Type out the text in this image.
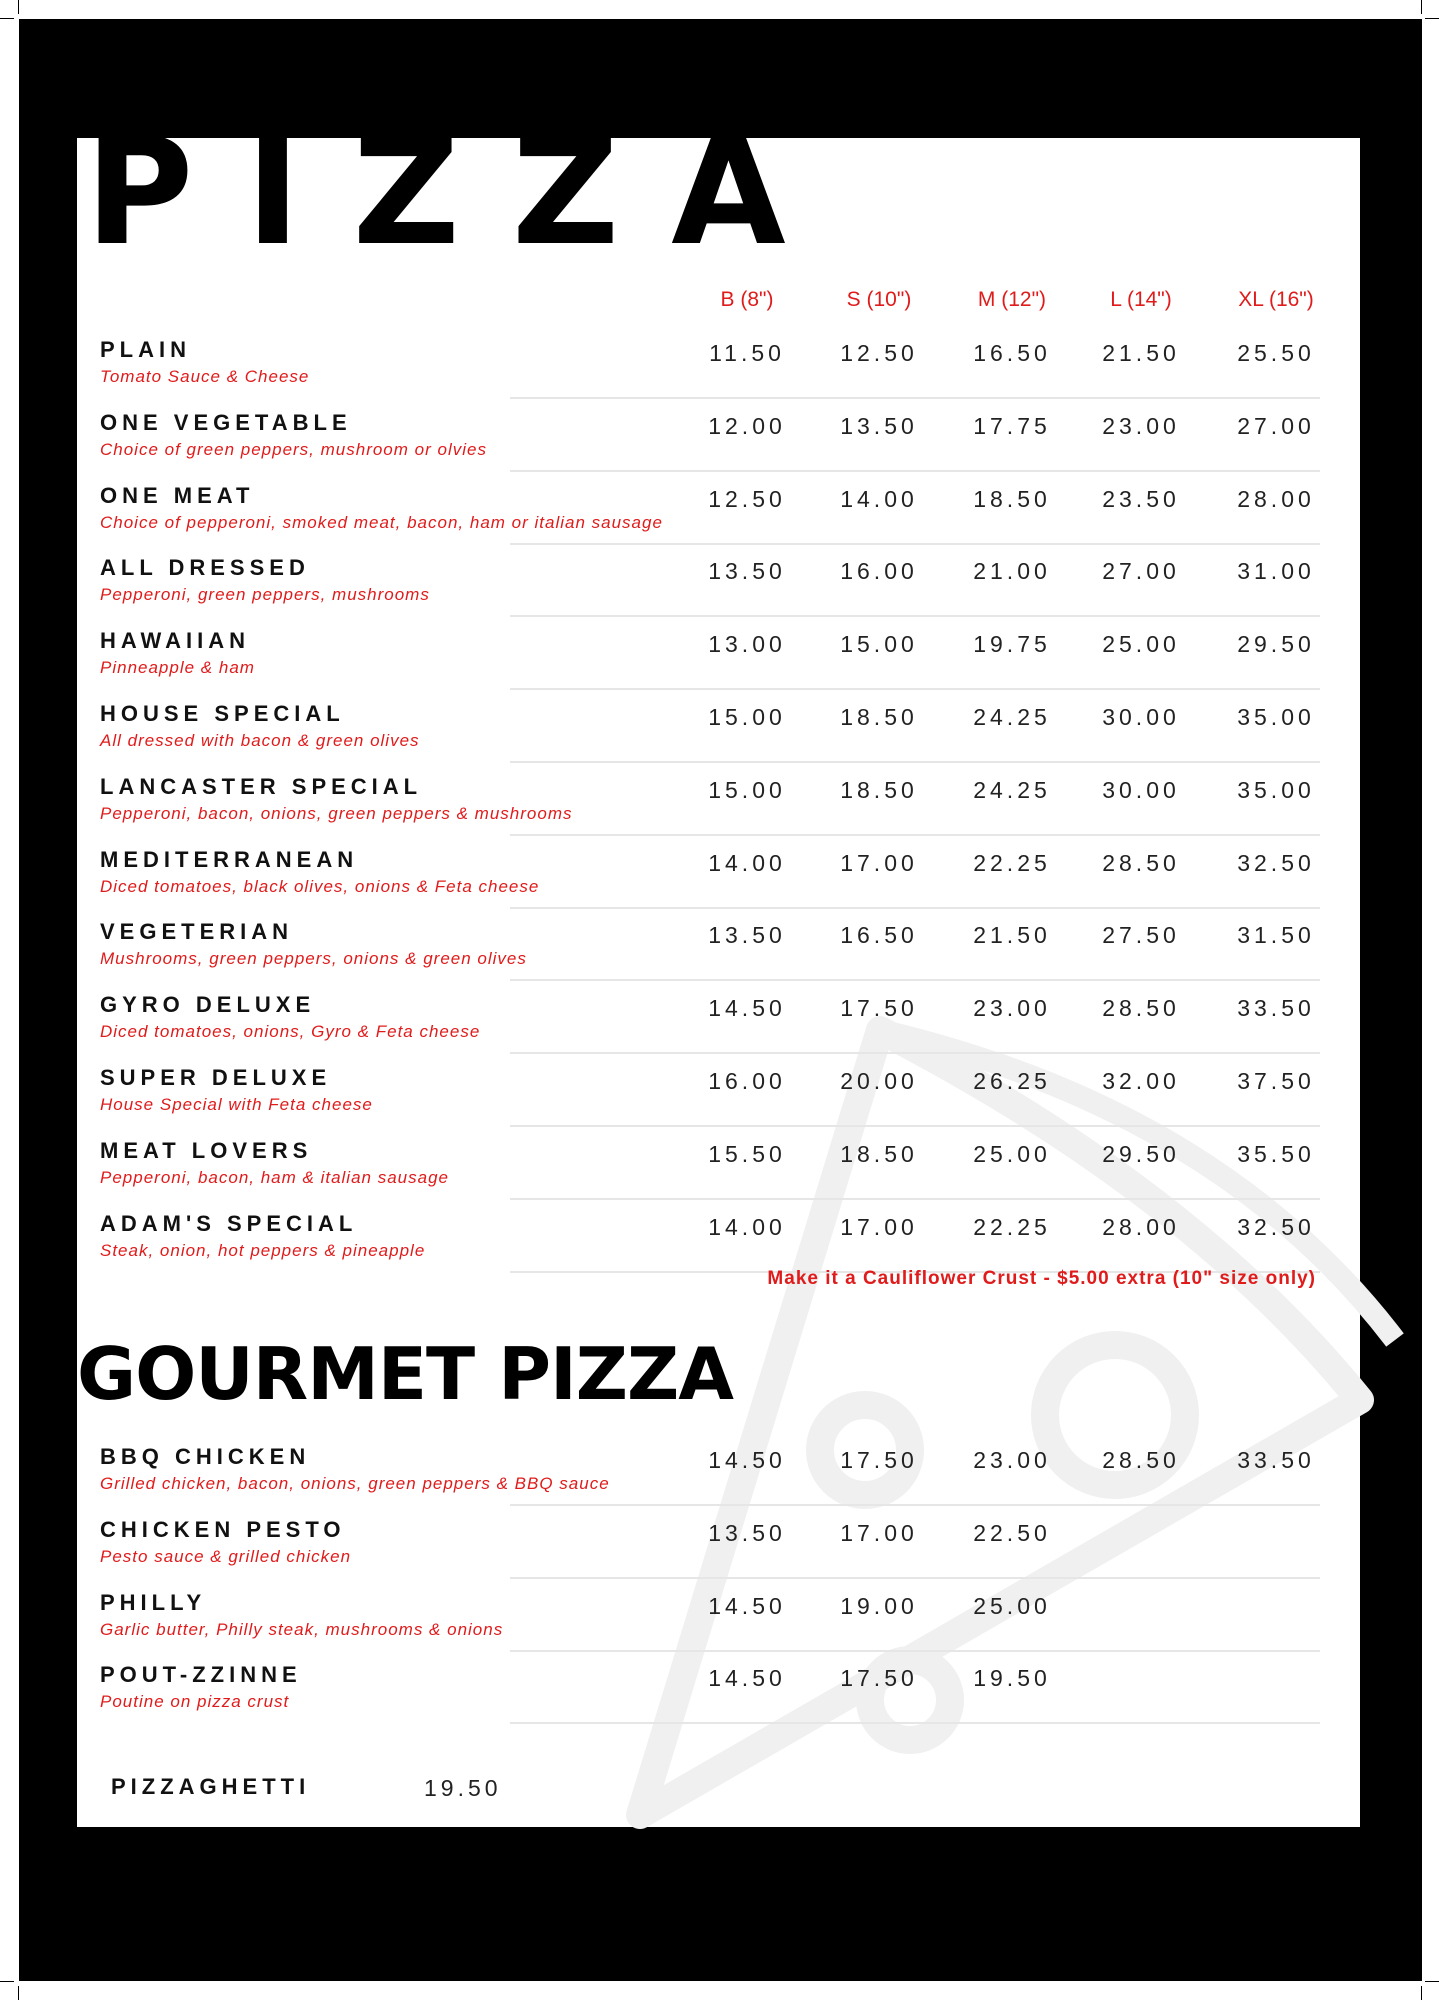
PIZZA
B (8")	S (10")	M (12")	L (14")	XL (16")
PLAIN
Tomato Sauce & Cheese
11.50	12.50	16.50	21.50	25.50
ONE VEGETABLE
Choice of green peppers, mushroom or olvies
12.00	13.50	17.75	23.00	27.00
ONE MEAT
Choice of pepperoni, smoked meat, bacon, ham or italian sausage
12.50	14.00	18.50	23.50	28.00
ALL DRESSED
Pepperoni, green peppers, mushrooms
13.50	16.00	21.00	27.00	31.00
HAWAIIAN
Pinneapple & ham
13.00	15.00	19.75	25.00	29.50
HOUSE SPECIAL
All dressed with bacon & green olives
15.00	18.50	24.25	30.00	35.00
LANCASTER SPECIAL
Pepperoni, bacon, onions, green peppers & mushrooms
15.00	18.50	24.25	30.00	35.00
MEDITERRANEAN
Diced tomatoes, black olives, onions & Feta cheese
14.00	17.00	22.25	28.50	32.50
VEGETERIAN
Mushrooms, green peppers, onions & green olives
13.50	16.50	21.50	27.50	31.50
GYRO DELUXE
Diced tomatoes, onions, Gyro & Feta cheese
14.50	17.50	23.00	28.50	33.50
SUPER DELUXE
House Special with Feta cheese
16.00	20.00	26.25	32.00	37.50
MEAT LOVERS
Pepperoni, bacon, ham & italian sausage
15.50	18.50	25.00	29.50	35.50
ADAM'S SPECIAL
Steak, onion, hot peppers & pineapple
14.00	17.00	22.25	28.00	32.50
Make it a Cauliflower Crust - $5.00 extra (10" size only)
GOURMET PIZZA
BBQ CHICKEN
Grilled chicken, bacon, onions, green peppers & BBQ sauce
14.50	17.50	23.00	28.50	33.50
CHICKEN PESTO
Pesto sauce & grilled chicken
13.50	17.00	22.50
PHILLY
Garlic butter, Philly steak, mushrooms & onions
14.50	19.00	25.00
POUT-ZZINNE
Poutine on pizza crust
14.50	17.50	19.50
PIZZAGHETTI	19.50
